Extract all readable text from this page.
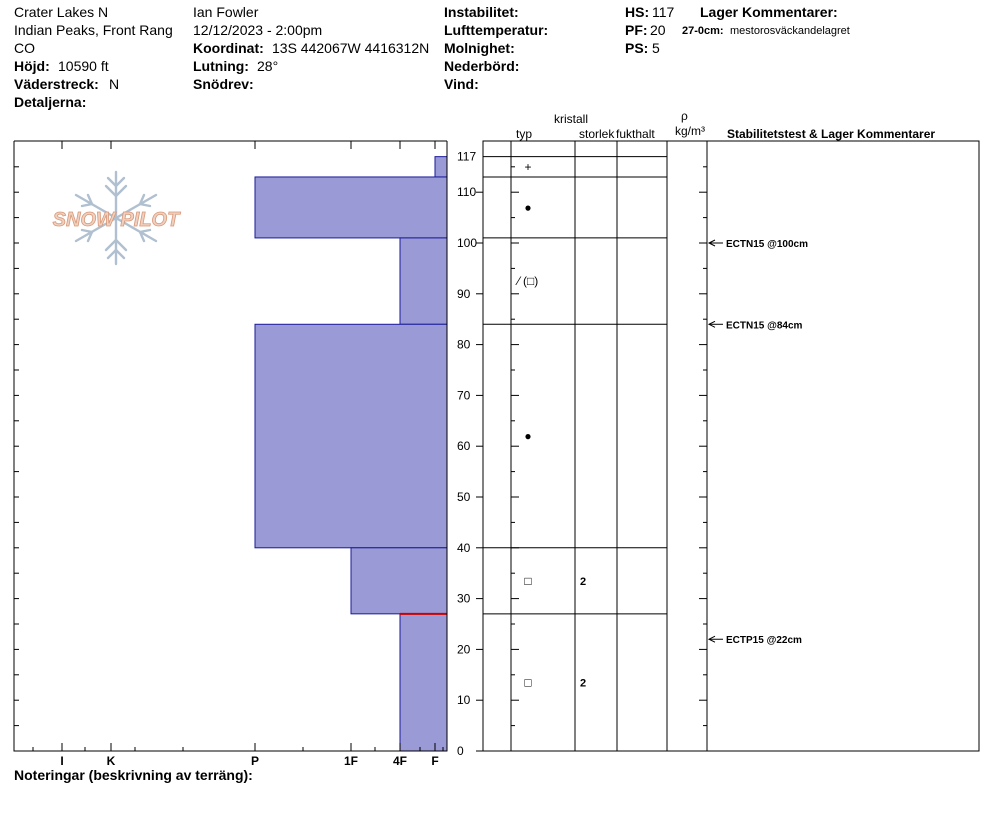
Crater Lakes N
Indian Peaks, Front Rang
CO
Höjd: 10590 ft
Väderstreck: N
Detaljerna:
Ian Fowler
12/12/2023 - 2:00pm
Koordinat: 13S 442067W 4416312N
Lutning: 28°
Snödrev:
Instabilitet:
Lufttemperatur:
Molnighet:
Nederbörd:
Vind:
HS: 117
PF: 20
PS: 5
Lager Kommentarer:
27-0cm: mestorosväckandelagret
kristall
typ	storlek fukthalt
ρ
kg/m³ Stabilitetstest & Lager Kommentarer
Noteringar (beskrivning av terräng):
SNOW PILOT
I	K	P	1F	4F F
0
10
20
30
40
50
60
70
80
90
100
110
117
+
●
⁄ (□)
●
□	2
□	2
ECTN15 @100cm
ECTN15 @84cm
ECTP15 @22cm
